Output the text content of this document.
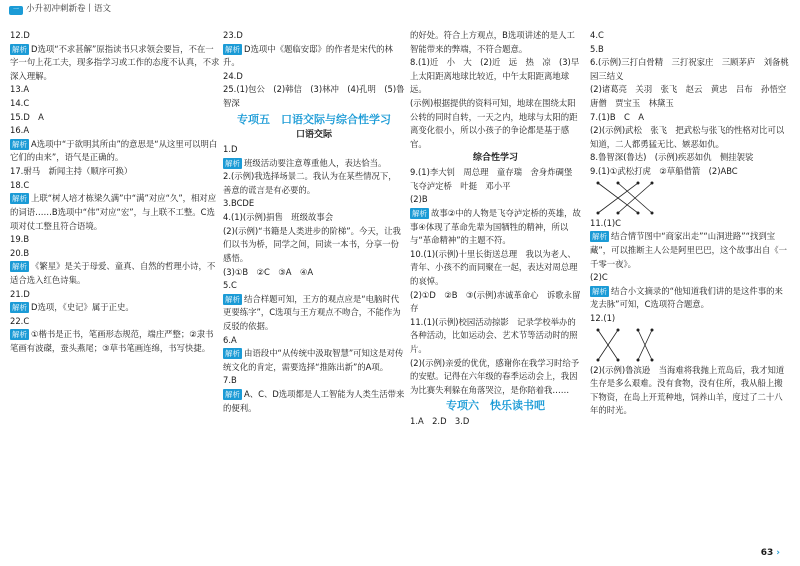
一 小升初冲刺新卷丨语文

12.D

解析 D选项“不求甚解”原指读书只求领会要旨，不在一字一句上花工夫，现多指学习或工作的态度不认真，不求深入理解。

13.A

14.C

15.D　A

16.A

解析 A选项中“于欲明其所由”的意思是“从这里可以明白它们的由来”，语气是正确的。

17.驸马　新闻主持（顺序可换）

18.C

解析 上联“树人培才栋梁久满”中“满”对应“久”，相对应的词语……B选项中“伟”对应“宏”，与上联不工整。C选项对仗工整且符合语境。

19.B

20.B

解析 《繁星》是关于母爱、童真、自然的哲理小诗，不适合选入红色诗集。

21.D

解析 D选项，《史记》属于正史。

22.C

解析 ①楷书是正书，笔画形态规范，端庄严整；②隶书笔画有波磔，蚕头燕尾；③草书笔画连绵，书写快捷。

23.D

解析 D选项中《题临安邸》的作者是宋代的林升。

24.D

25.(1)包公　(2)韩信　(3)林冲　(4)孔明　(5)鲁智深

专项五　口语交际与综合性学习

口语交际

1.D

解析 班级活动要注意尊重他人，表达恰当。

2.(示例)我选择场景二。我认为在某些情况下，善意的谎言是有必要的。

3.BCDE

4.(1)(示例)捐售　班级故事会

(2)(示例)“书籍是人类进步的阶梯”。今天，让我们以书为桥，同学之间，同读一本书，分享一份感悟。

(3)①B　②C　③A　④A

5.C

解析 结合样题可知，王方的观点应是“电脑时代更要练字”，C选项与王方观点不吻合，不能作为反驳的依据。

6.A

解析 由语段中“从传统中汲取智慧”可知这是对传统文化的肯定，需要选择“推陈出新”的A项。

7.B

解析 A、C、D选项都是人工智能为人类生活带来的便利。

的好处。符合上方观点，B选项讲述的是人工智能带来的弊端，不符合题意。

8.(1)近　小　大　(2)近　远　热　凉　(3)早上太阳距离地球比较近，中午太阳距离地球远。

(示例)根据提供的资料可知，地球在围绕太阳公转的同时自转，一天之内，地球与太阳的距离变化很小，所以小孩子的争论都是基于感官。

综合性学习

9.(1)李大钊　周总理　童存瑞　舍身炸碉堡　飞夺泸定桥　叶挺　邓小平

(2)B

解析 故事②中的人物是飞夺泸定桥的英雄，故事④体现了革命先辈为国牺牲的精神，所以与“革命精神”的主题不符。

10.(1)(示例)十里长街送总理　我以为老人、青年、小孩不约而同聚在一起，表达对周总理的哀悼。

(2)①D　②B　③(示例)赤诚革命心　诉歌永留存

11.(1)(示例)校园活动掠影　记录学校举办的各种活动，比如运动会、艺术节等活动时的照片。

(2)(示例)亲爱的优优，感谢你在我学习时给予的安慰。记得在六年级的春季运动会上，我因为比赛失利躲在角落哭泣，是你陪着我……

专项六　快乐读书吧

1.A　2.D　3.D

4.C

5.B

6.(示例)三打白骨精　三打祝家庄　三顾茅庐　刘备桃园三结义

(2)诸葛亮　关羽　张飞　赵云　黄忠　吕布　孙悟空　唐僧　贾宝玉　林黛玉

7.(1)B　C　A

(2)(示例)武松　张飞　把武松与张飞的性格对比可以知道，二人都勇猛无比、嫉恶如仇。

8.鲁智深(鲁达)　(示例)疾恶如仇　侧挂袈裟

9.(1)①武松打虎　②草船借箭　(2)ABC

11.(1)C

解析 结合情节图中“商家出走”“山洞进路”“找到宝藏”，可以推断主人公是阿里巴巴，这个故事出自《一千零一夜》。

(2)C

解析 结合小文摘录的“他知道我们讲的是这件事的来龙去脉”可知，C选项符合题意。

12.(1)

(2)(示例)鲁滨逊　当海难将我抛上荒岛后，我才知道生存是多么艰难。没有食物，没有住所，我从船上搬下物资，在岛上开荒种地，饲养山羊，度过了二十八年的时光。

63 ›
